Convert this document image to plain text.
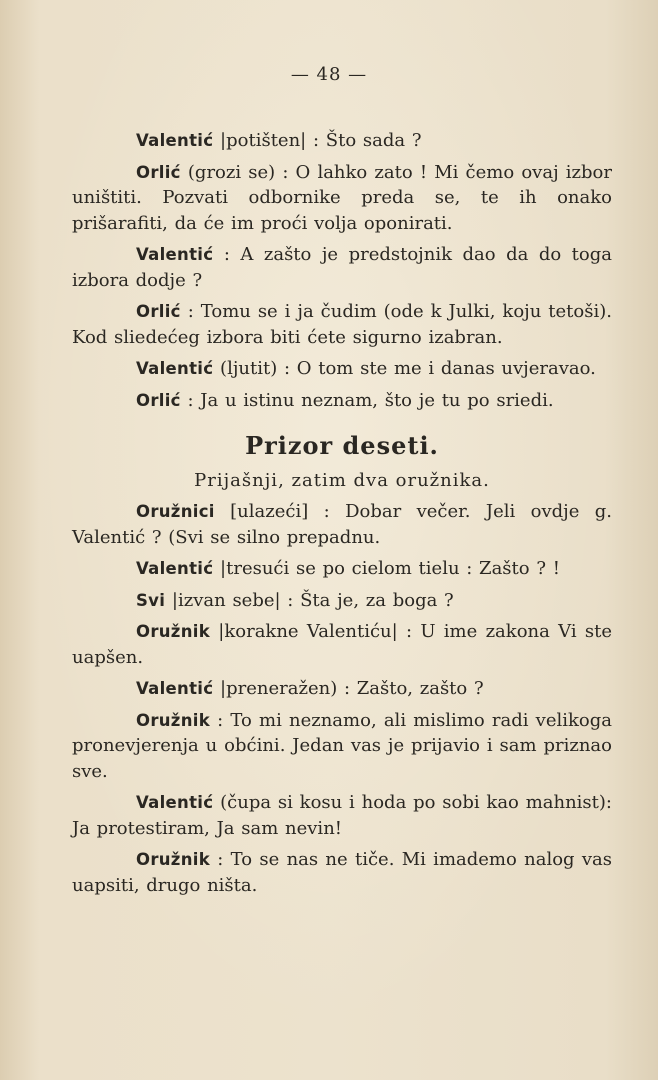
— 48 —

Valentić |potišten| : Što sada ?

Orlić (grozi se) : O lahko zato ! Mi čemo ovaj izbor uništiti. Pozvati odbornike preda se, te ih onako prišarafiti, da će im proći volja oponirati.

Valentić : A zašto je predstojnik dao da do toga izbora dodje ?

Orlić : Tomu se i ja čudim (ode k Julki, koju tetoši). Kod sliedećeg izbora biti ćete sigurno izabran.

Valentić (ljutit) : O tom ste me i danas uvjeravao.

Orlić : Ja u istinu neznam, što je tu po sriedi.

Prizor deseti.
Prijašnji, zatim dva oružnika.

Oružnici [ulazeći] : Dobar večer. Jeli ovdje g. Valentić ? (Svi se silno prepadnu.

Valentić |tresući se po cielom tielu : Zašto ? !

Svi |izvan sebe| : Šta je, za boga ?

Oružnik |korakne Valentiću| : U ime zakona Vi ste uapšen.

Valentić |preneražen) : Zašto, zašto ?

Oružnik : To mi neznamo, ali mislimo radi velikoga pronevjerenja u obćini. Jedan vas je prijavio i sam priznao sve.

Valentić (čupa si kosu i hoda po sobi kao mahnist): Ja protestiram, Ja sam nevin!

Oružnik : To se nas ne tiče. Mi imademo nalog vas uapsiti, drugo ništa.
